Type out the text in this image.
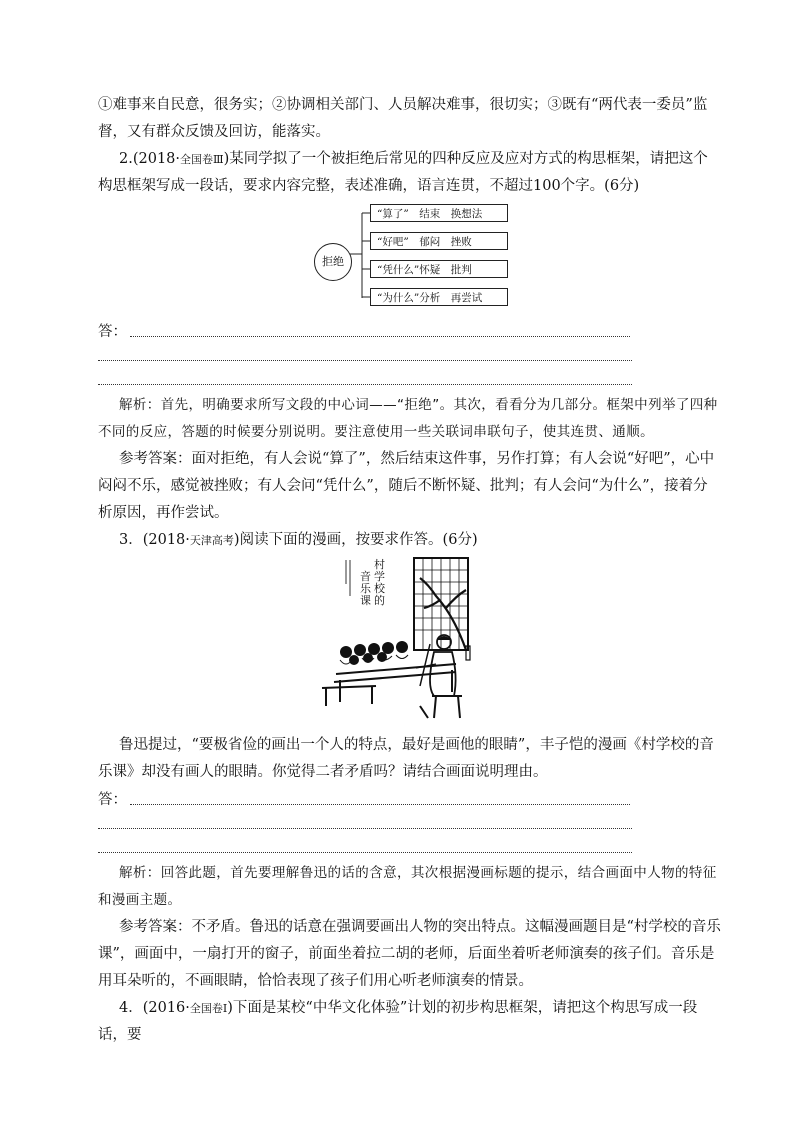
①难事来自民意，很务实；②协调相关部门、人员解决难事，很切实；③既有“两代表一委员”监督，又有群众反馈及回访，能落实。

2.(2018·全国卷Ⅲ)某同学拟了一个被拒绝后常见的四种反应及应对方式的构思框架，请把这个构思框架写成一段话，要求内容完整，表述准确，语言连贯，不超过100个字。(6分)

拒绝
“算了”　结束　换想法
“好吧”　郁闷　挫败
“凭什么”怀疑　批判
“为什么”分析　再尝试
答：

解析：首先，明确要求所写文段的中心词——“拒绝”。其次，看看分为几部分。框架中列举了四种不同的反应，答题的时候要分别说明。要注意使用一些关联词串联句子，使其连贯、通顺。

参考答案：面对拒绝，有人会说“算了”，然后结束这件事，另作打算；有人会说“好吧”，心中闷闷不乐，感觉被挫败；有人会问“凭什么”，随后不断怀疑、批判；有人会问“为什么”，接着分析原因，再作尝试。

3．(2018·天津高考)阅读下面的漫画，按要求作答。(6分)

村
学
校
的
音
乐
课

鲁迅提过，“要极省俭的画出一个人的特点，最好是画他的眼睛”，丰子恺的漫画《村学校的音乐课》却没有画人的眼睛。你觉得二者矛盾吗？请结合画面说明理由。

答：

解析：回答此题，首先要理解鲁迅的话的含意，其次根据漫画标题的提示，结合画面中人物的特征和漫画主题。

参考答案：不矛盾。鲁迅的话意在强调要画出人物的突出特点。这幅漫画题目是“村学校的音乐课”，画面中，一扇打开的窗子，前面坐着拉二胡的老师，后面坐着听老师演奏的孩子们。音乐是用耳朵听的，不画眼睛，恰恰表现了孩子们用心听老师演奏的情景。

4．(2016·全国卷Ⅰ)下面是某校“中华文化体验”计划的初步构思框架，请把这个构思写成一段话，要
